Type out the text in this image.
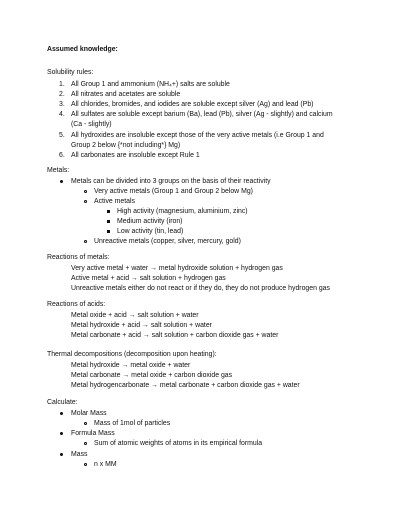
Assumed knowledge:
Solubility rules:
1. All Group 1 and ammonium (NH₄+) salts are soluble
2. All nitrates and acetates are soluble
3. All chlorides, bromides, and iodides are soluble except silver (Ag) and lead (Pb)
4. All sulfates are soluble except barium (Ba), lead (Pb), silver (Ag - slightly) and calcium
(Ca - slightly)
5. All hydroxides are insoluble except those of the very active metals (i.e Group 1 and
Group 2 below {*not including*} Mg)
6. All carbonates are insoluble except Rule 1
Metals:
Metals can be divided into 3 groups on the basis of their reactivity
Very active metals (Group 1 and Group 2 below Mg)
Active metals
High activity (magnesium, aluminium, zinc)
Medium activity (iron)
Low activity (tin, lead)
Unreactive metals (copper, silver, mercury, gold)
Reactions of metals:
Very active metal + water → metal hydroxide solution + hydrogen gas
Active metal + acid → salt solution + hydrogen gas
Unreactive metals either do not react or if they do, they do not produce hydrogen gas
Reactions of acids:
Metal oxide + acid → salt solution + water
Metal hydroxide + acid → salt solution + water
Metal carbonate + acid → salt solution + carbon dioxide gas + water
Thermal decompositions (decomposition upon heating):
Metal hydroxide → metal oxide + water
Metal carbonate → metal oxide + carbon dioxide gas
Metal hydrogencarbonate → metal carbonate + carbon dioxide gas + water
Calculate:
Molar Mass
Mass of 1mol of particles
Formula Mass
Sum of atomic weights of atoms in its empirical formula
Mass
n x MM
